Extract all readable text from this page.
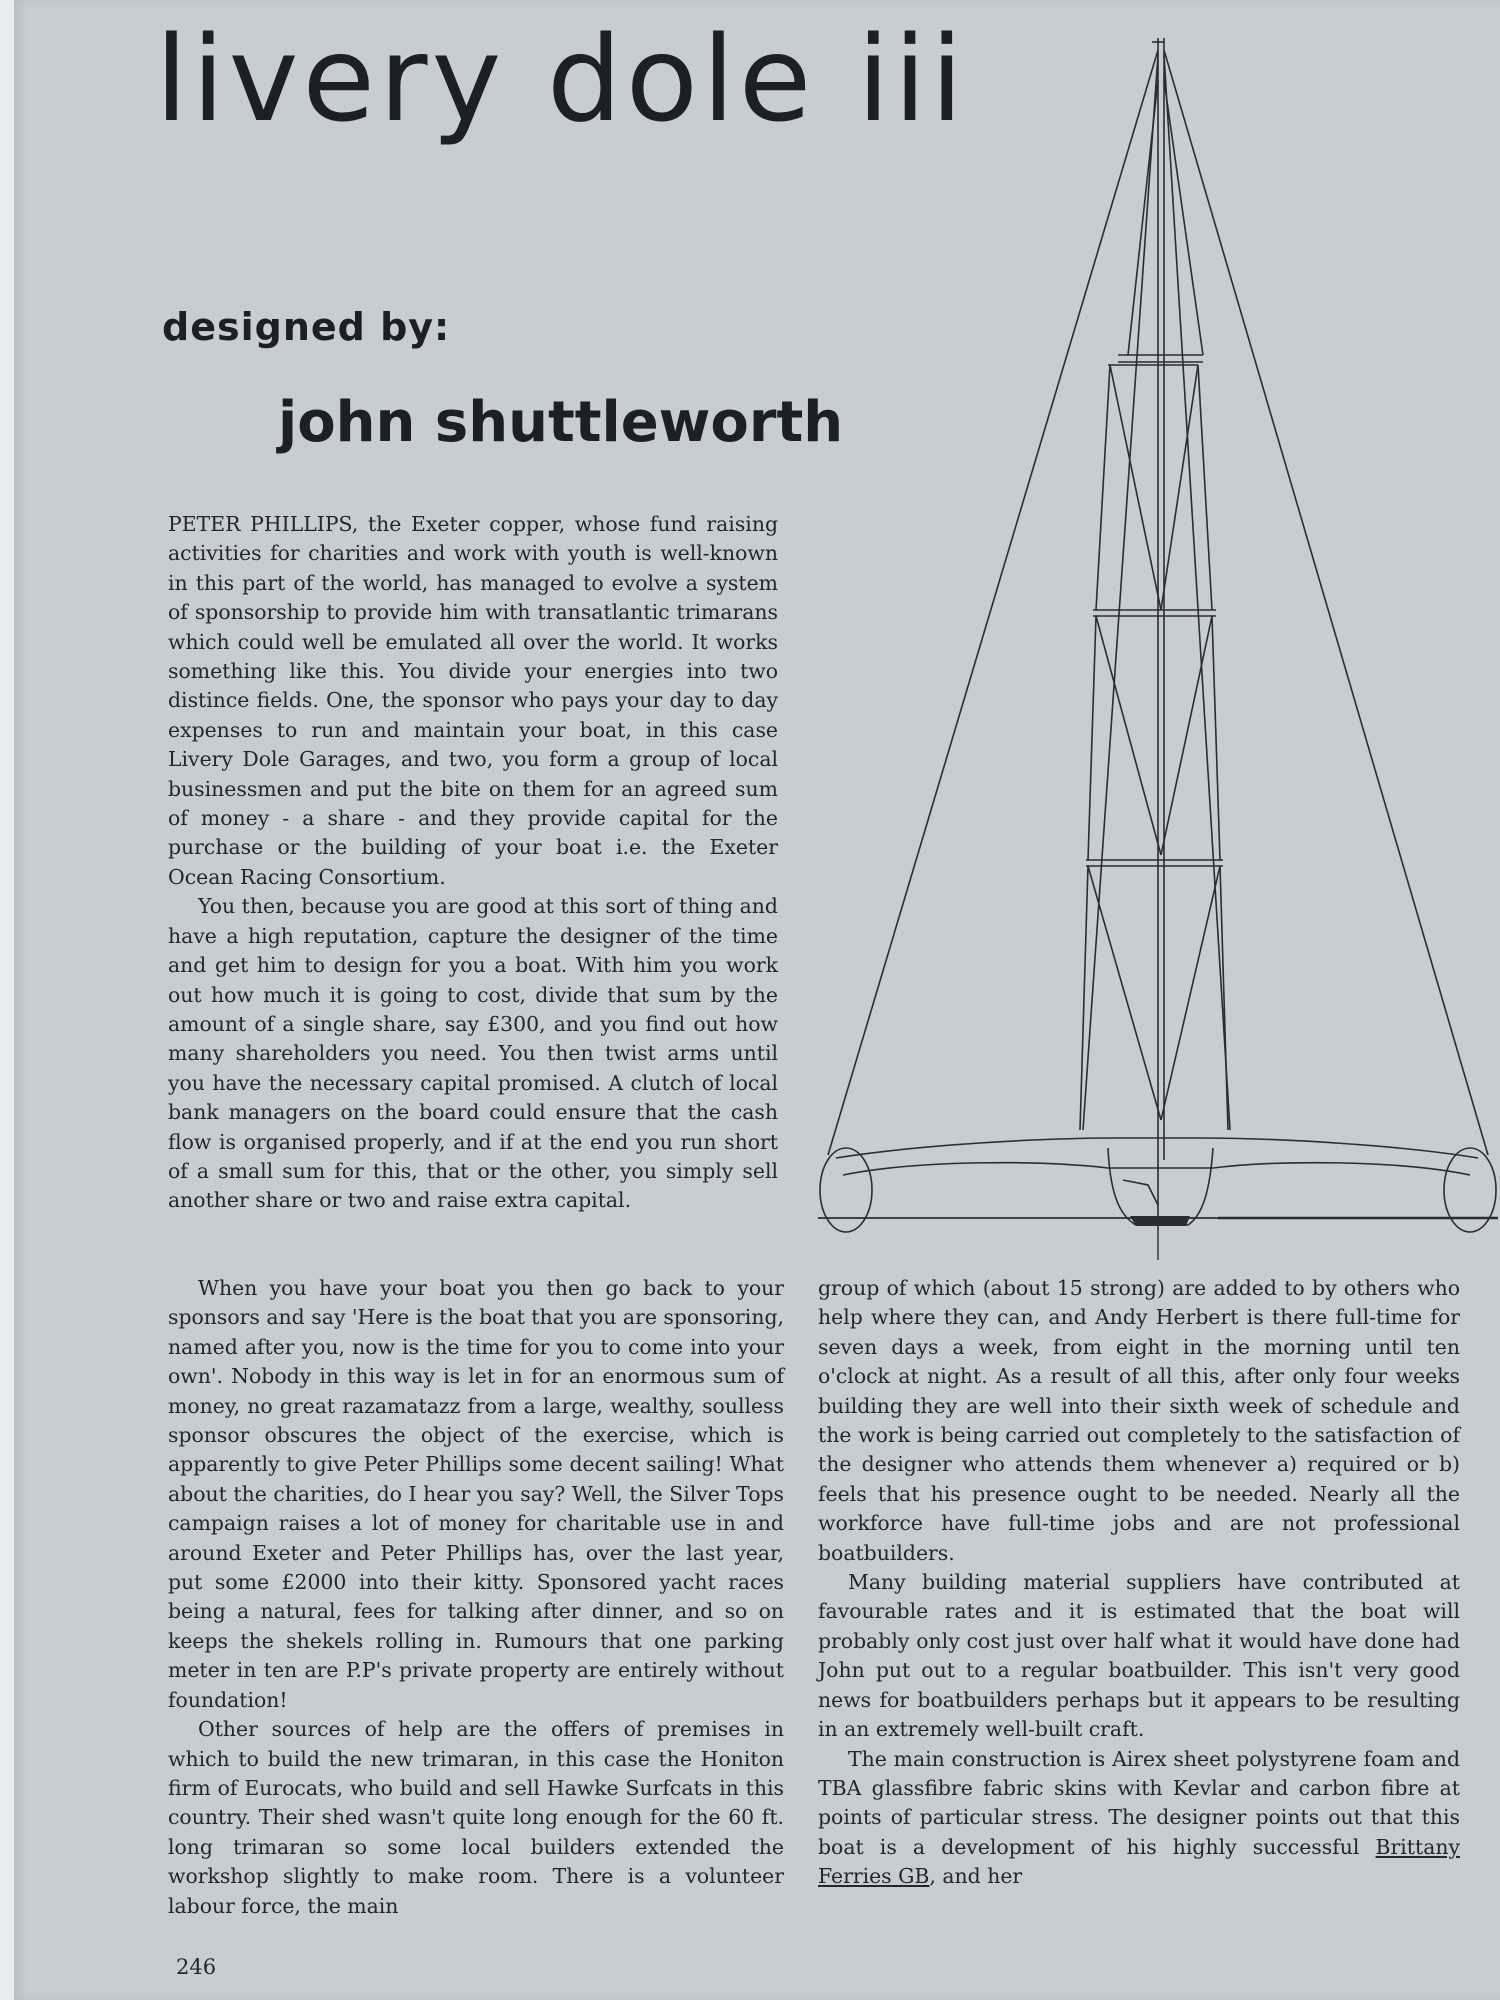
livery dole iii
designed by:
john shuttleworth

PETER PHILLIPS, the Exeter copper, whose fund raising activities for charities and work with youth is well-known in this part of the world, has managed to evolve a system of sponsorship to provide him with transatlantic trimarans which could well be emulated all over the world. It works something like this. You divide your energies into two distince fields. One, the sponsor who pays your day to day expenses to run and maintain your boat, in this case Livery Dole Garages, and two, you form a group of local businessmen and put the bite on them for an agreed sum of money - a share - and they provide capital for the purchase or the building of your boat i.e. the Exeter Ocean Racing Consortium.

You then, because you are good at this sort of thing and have a high reputation, capture the designer of the time and get him to design for you a boat. With him you work out how much it is going to cost, divide that sum by the amount of a single share, say £300, and you find out how many shareholders you need. You then twist arms until you have the necessary capital promised. A clutch of local bank managers on the board could ensure that the cash flow is organised properly, and if at the end you run short of a small sum for this, that or the other, you simply sell another share or two and raise extra capital.

When you have your boat you then go back to your sponsors and say 'Here is the boat that you are sponsoring, named after you, now is the time for you to come into your own'. Nobody in this way is let in for an enormous sum of money, no great razamatazz from a large, wealthy, soulless sponsor obscures the object of the exercise, which is apparently to give Peter Phillips some decent sailing! What about the charities, do I hear you say? Well, the Silver Tops campaign raises a lot of money for charitable use in and around Exeter and Peter Phillips has, over the last year, put some £2000 into their kitty. Sponsored yacht races being a natural, fees for talking after dinner, and so on keeps the shekels rolling in. Rumours that one parking meter in ten are P.P's private property are entirely without foundation!

Other sources of help are the offers of premises in which to build the new trimaran, in this case the Honiton firm of Eurocats, who build and sell Hawke Surfcats in this country. Their shed wasn't quite long enough for the 60 ft. long trimaran so some local builders extended the workshop slightly to make room. There is a volunteer labour force, the main

group of which (about 15 strong) are added to by others who help where they can, and Andy Herbert is there full-time for seven days a week, from eight in the morning until ten o'clock at night. As a result of all this, after only four weeks building they are well into their sixth week of schedule and the work is being carried out completely to the satisfaction of the designer who attends them whenever a) required or b) feels that his presence ought to be needed. Nearly all the workforce have full-time jobs and are not professional boatbuilders.

Many building material suppliers have contributed at favourable rates and it is estimated that the boat will probably only cost just over half what it would have done had John put out to a regular boatbuilder. This isn't very good news for boatbuilders perhaps but it appears to be resulting in an extremely well-built craft.

The main construction is Airex sheet polystyrene foam and TBA glassfibre fabric skins with Kevlar and carbon fibre at points of particular stress. The designer points out that this boat is a development of his highly successful Brittany Ferries GB, and her

246
